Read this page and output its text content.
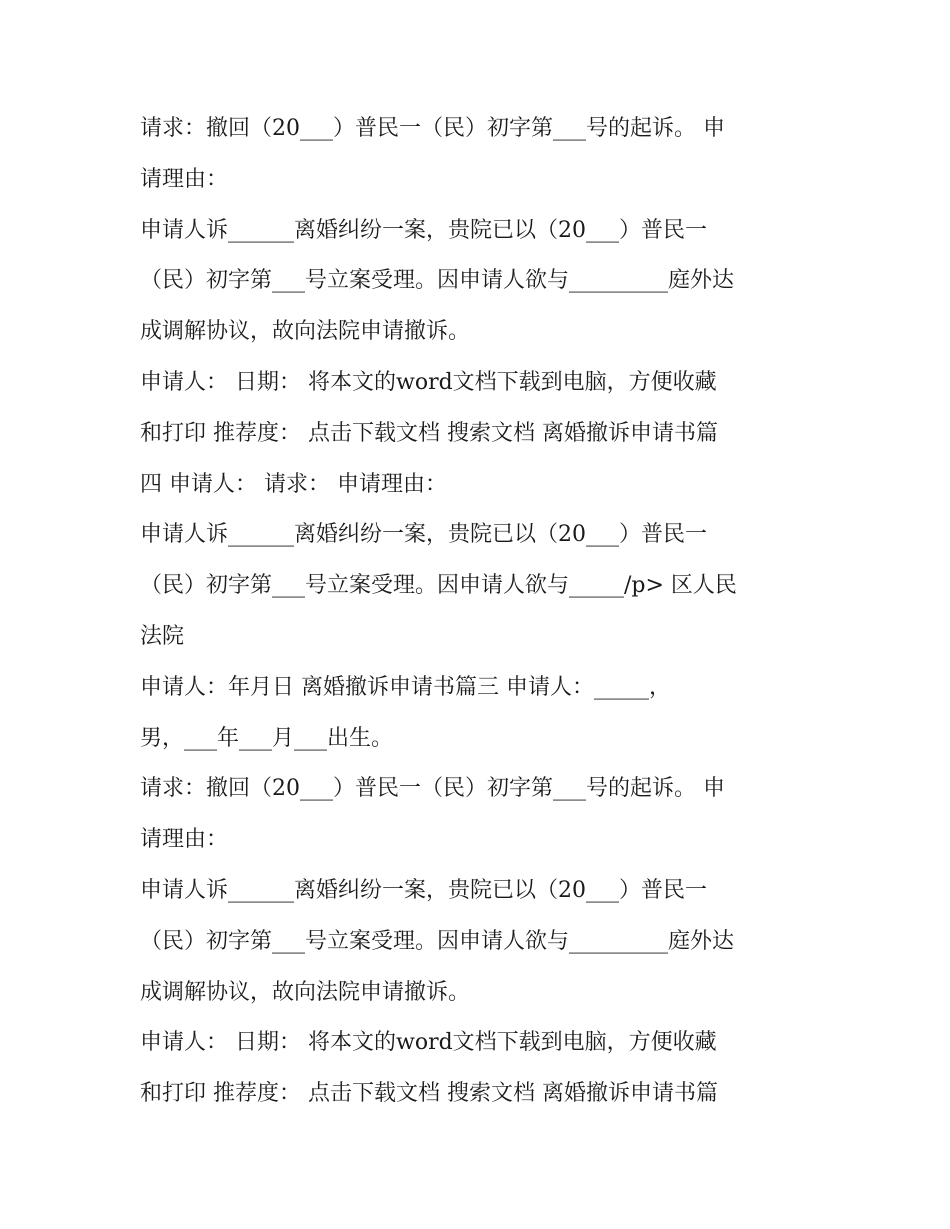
请求：撤回（20___）普民一（民）初字第___号的起诉。 申
请理由：
申请人诉______离婚纠纷一案，贵院已以（20___）普民一
（民）初字第___号立案受理。因申请人欲与_________庭外达
成调解协议，故向法院申请撤诉。
申请人： 日期： 将本文的word文档下载到电脑，方便收藏
和打印 推荐度： 点击下载文档 搜索文档 离婚撤诉申请书篇
四 申请人： 请求： 申请理由：
申请人诉______离婚纠纷一案，贵院已以（20___）普民一
（民）初字第___号立案受理。因申请人欲与_____/p> 区人民
法院
申请人：年月日 离婚撤诉申请书篇三 申请人：_____，
男，___年___月___出生。
请求：撤回（20___）普民一（民）初字第___号的起诉。 申
请理由：
申请人诉______离婚纠纷一案，贵院已以（20___）普民一
（民）初字第___号立案受理。因申请人欲与_________庭外达
成调解协议，故向法院申请撤诉。
申请人： 日期： 将本文的word文档下载到电脑，方便收藏
和打印 推荐度： 点击下载文档 搜索文档 离婚撤诉申请书篇
